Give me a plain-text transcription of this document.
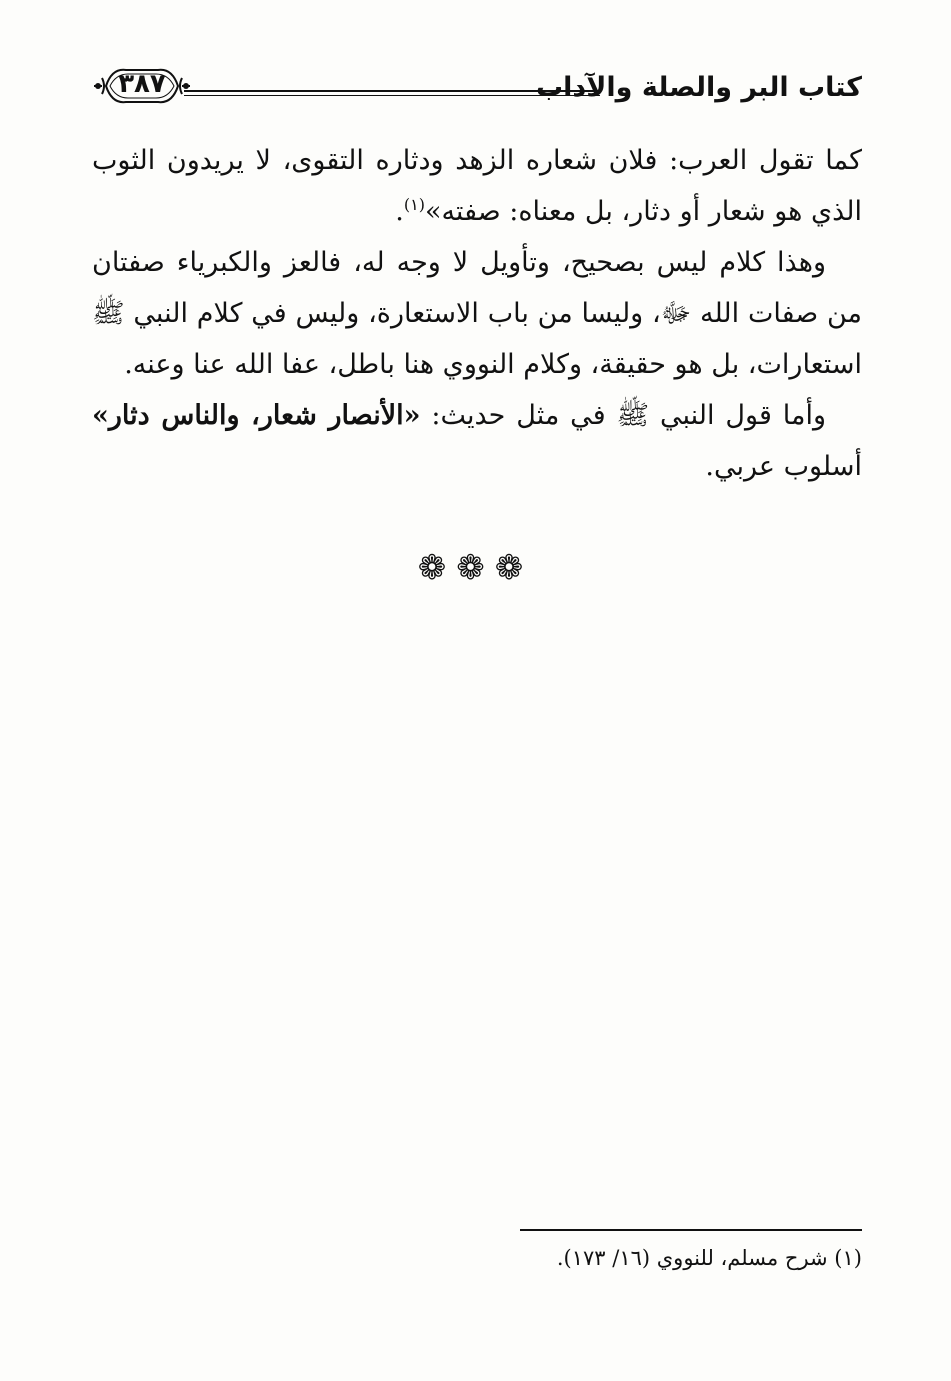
كتاب البر والصلة والآداب
٣٨٧

كما تقول العرب: فلان شعاره الزهد ودثاره التقوى، لا يريدون الثوب الذي هو شعار أو دثار، بل معناه: صفته»$^{(١)}$.

وهذا كلام ليس بصحيح، وتأويل لا وجه له، فالعز والكبرياء صفتان من صفات الله ﷻ، وليسا من باب الاستعارة، وليس في كلام النبي ﷺ استعارات، بل هو حقيقة، وكلام النووي هنا باطل، عفا الله عنا وعنه.

وأما قول النبي ﷺ في مثل حديث: «الأنصار شعار، والناس دثار» أسلوب عربي.

❁❁❁
(١) شرح مسلم، للنووي (١٦/ ١٧٣).
